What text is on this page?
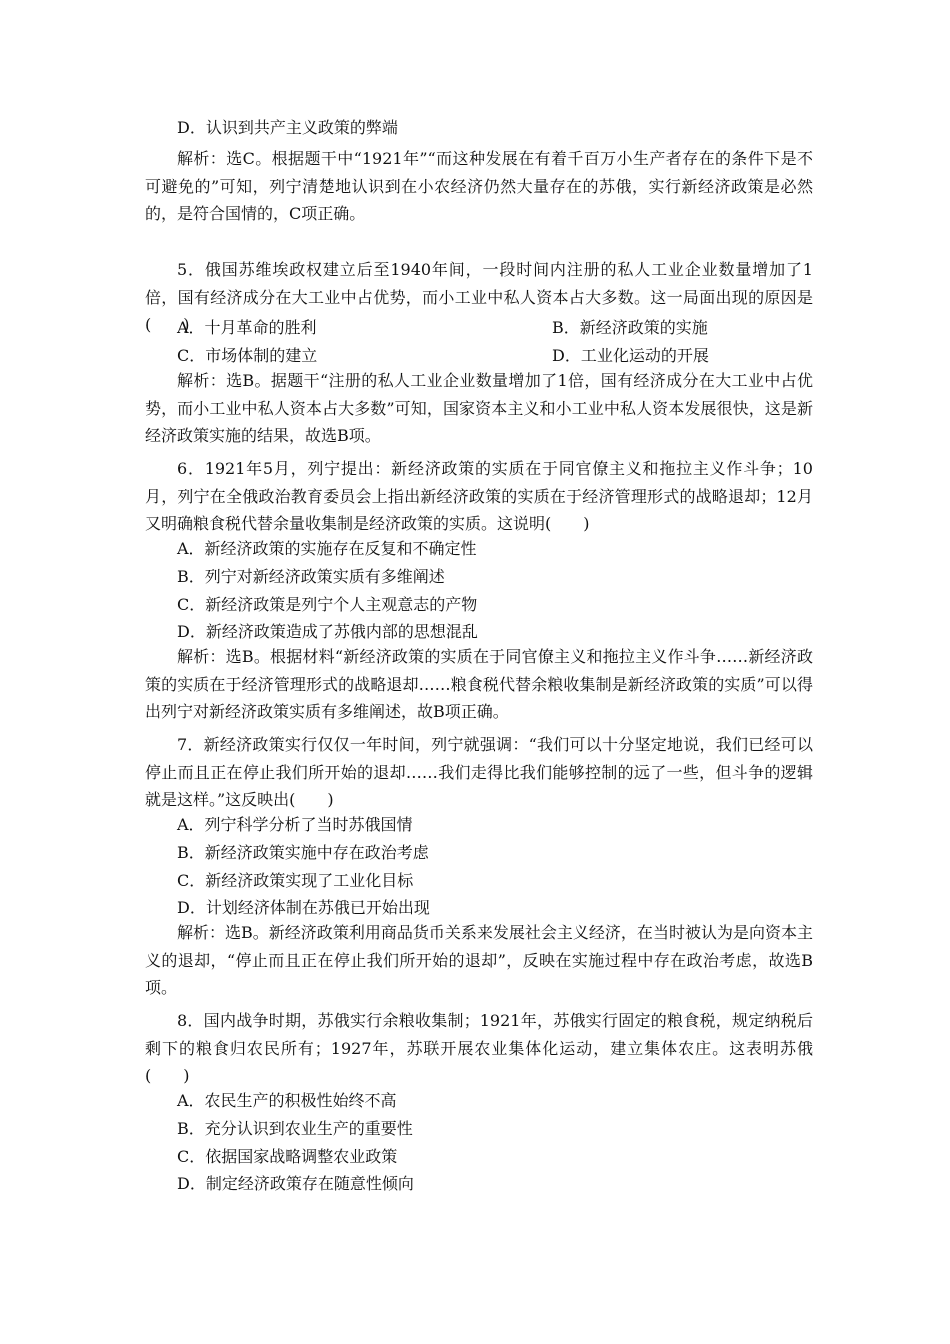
D．认识到共产主义政策的弊端
解析：选C。根据题干中“1921年”“而这种发展在有着千百万小生产者存在的条件下是不可避免的”可知，列宁清楚地认识到在小农经济仍然大量存在的苏俄，实行新经济政策是必然的，是符合国情的，C项正确。
5．俄国苏维埃政权建立后至1940年间，一段时间内注册的私人工业企业数量增加了1倍，国有经济成分在大工业中占优势，而小工业中私人资本占大多数。这一局面出现的原因是(　　)
A．十月革命的胜利	B．新经济政策的实施
C．市场体制的建立	D．工业化运动的开展
解析：选B。据题干“注册的私人工业企业数量增加了1倍，国有经济成分在大工业中占优势，而小工业中私人资本占大多数”可知，国家资本主义和小工业中私人资本发展很快，这是新经济政策实施的结果，故选B项。
6．1921年5月，列宁提出：新经济政策的实质在于同官僚主义和拖拉主义作斗争；10月，列宁在全俄政治教育委员会上指出新经济政策的实质在于经济管理形式的战略退却；12月又明确粮食税代替余量收集制是经济政策的实质。这说明(　　)
A．新经济政策的实施存在反复和不确定性
B．列宁对新经济政策实质有多维阐述
C．新经济政策是列宁个人主观意志的产物
D．新经济政策造成了苏俄内部的思想混乱
解析：选B。根据材料“新经济政策的实质在于同官僚主义和拖拉主义作斗争……新经济政策的实质在于经济管理形式的战略退却……粮食税代替余粮收集制是新经济政策的实质”可以得出列宁对新经济政策实质有多维阐述，故B项正确。
7．新经济政策实行仅仅一年时间，列宁就强调：“我们可以十分坚定地说，我们已经可以停止而且正在停止我们所开始的退却……我们走得比我们能够控制的远了一些，但斗争的逻辑就是这样。”这反映出(　　)
A．列宁科学分析了当时苏俄国情
B．新经济政策实施中存在政治考虑
C．新经济政策实现了工业化目标
D．计划经济体制在苏俄已开始出现
解析：选B。新经济政策利用商品货币关系来发展社会主义经济，在当时被认为是向资本主义的退却，“停止而且正在停止我们所开始的退却”，反映在实施过程中存在政治考虑，故选B项。
8．国内战争时期，苏俄实行余粮收集制；1921年，苏俄实行固定的粮食税，规定纳税后剩下的粮食归农民所有；1927年，苏联开展农业集体化运动，建立集体农庄。这表明苏俄(　　)
A．农民生产的积极性始终不高
B．充分认识到农业生产的重要性
C．依据国家战略调整农业政策
D．制定经济政策存在随意性倾向
